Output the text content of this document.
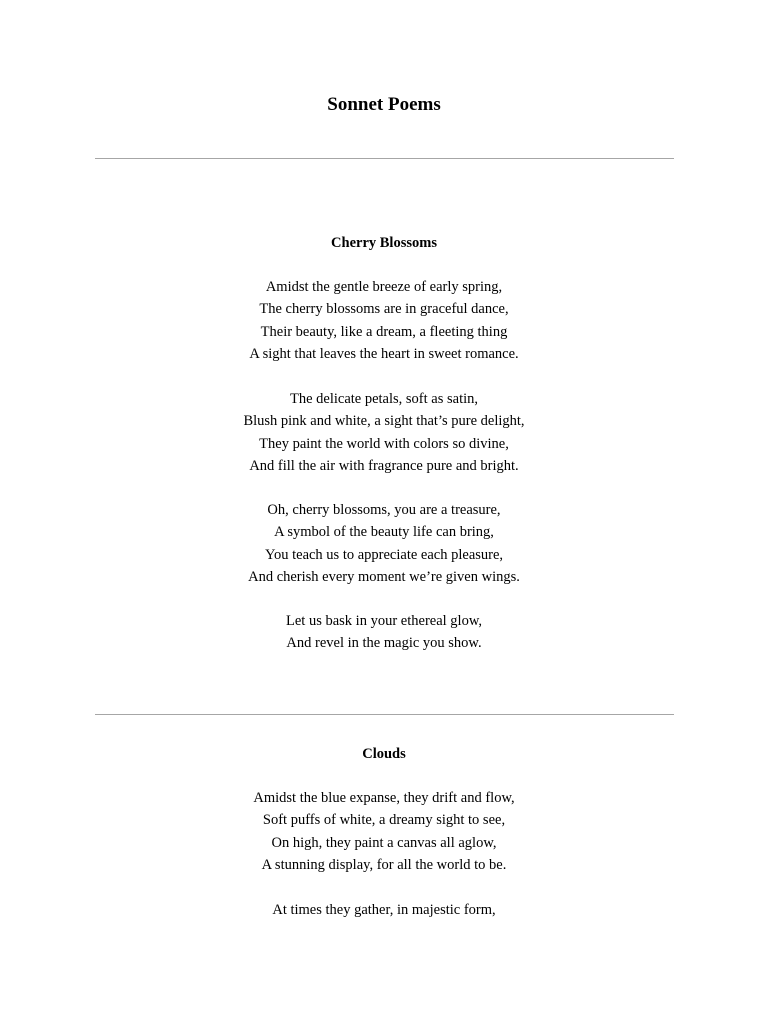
Sonnet Poems
Cherry Blossoms
Amidst the gentle breeze of early spring,
The cherry blossoms are in graceful dance,
Their beauty, like a dream, a fleeting thing
A sight that leaves the heart in sweet romance.
The delicate petals, soft as satin,
Blush pink and white, a sight that’s pure delight,
They paint the world with colors so divine,
And fill the air with fragrance pure and bright.
Oh, cherry blossoms, you are a treasure,
A symbol of the beauty life can bring,
You teach us to appreciate each pleasure,
And cherish every moment we’re given wings.
Let us bask in your ethereal glow,
And revel in the magic you show.
Clouds
Amidst the blue expanse, they drift and flow,
Soft puffs of white, a dreamy sight to see,
On high, they paint a canvas all aglow,
A stunning display, for all the world to be.
At times they gather, in majestic form,
